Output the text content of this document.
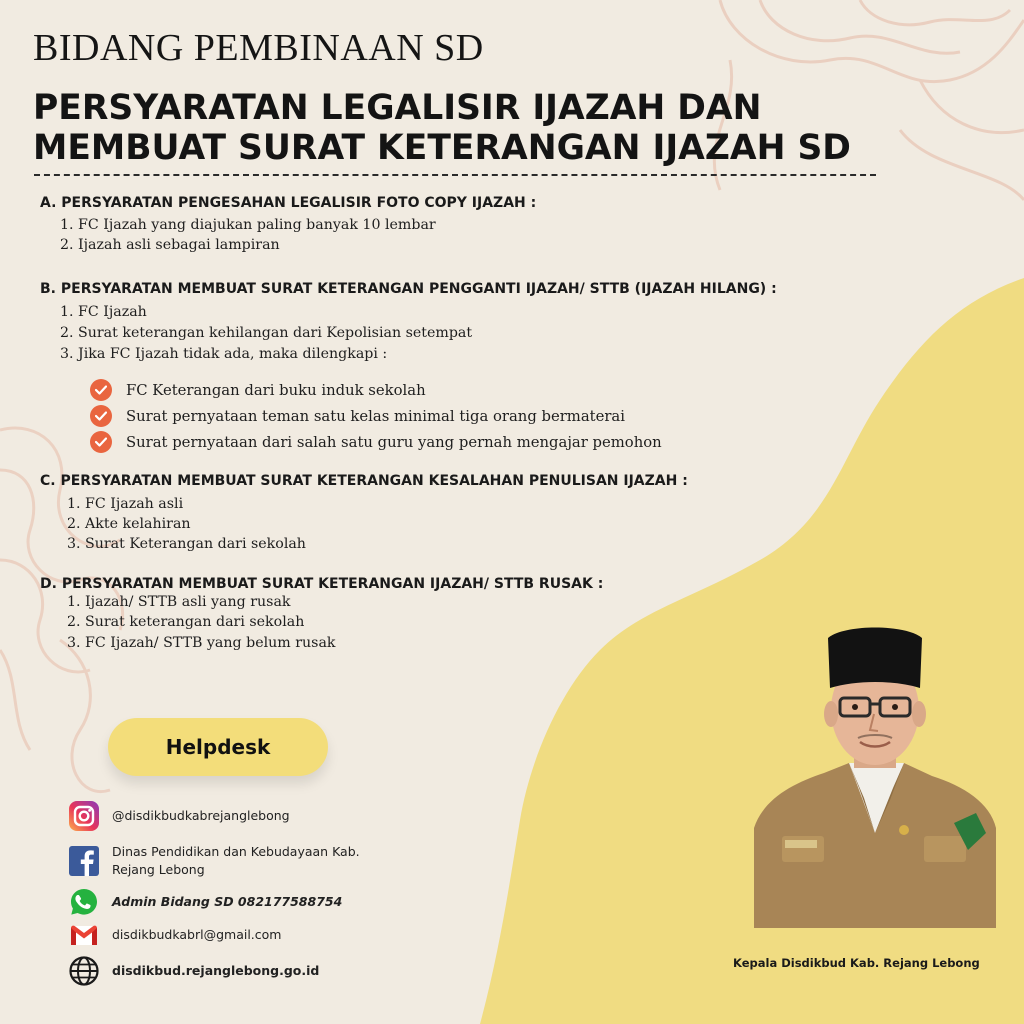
BIDANG PEMBINAAN SD
PERSYARATAN LEGALISIR IJAZAH DAN
MEMBUAT SURAT KETERANGAN IJAZAH SD
A. PERSYARATAN PENGESAHAN LEGALISIR FOTO COPY IJAZAH :
1. FC Ijazah yang diajukan paling banyak 10 lembar
2. Ijazah asli sebagai lampiran
B. PERSYARATAN MEMBUAT SURAT KETERANGAN PENGGANTI IJAZAH/ STTB (IJAZAH HILANG) :
1. FC Ijazah
2. Surat keterangan kehilangan dari Kepolisian setempat
3. Jika FC Ijazah tidak ada, maka dilengkapi :
FC Keterangan dari buku induk sekolah
Surat pernyataan teman satu kelas minimal tiga orang bermaterai
Surat pernyataan dari salah satu guru yang pernah mengajar pemohon
C. PERSYARATAN MEMBUAT SURAT KETERANGAN KESALAHAN PENULISAN IJAZAH :
1. FC Ijazah asli
2. Akte kelahiran
3. Surat Keterangan dari sekolah
D. PERSYARATAN MEMBUAT SURAT KETERANGAN IJAZAH/ STTB RUSAK :
1. Ijazah/ STTB asli yang rusak
2. Surat keterangan dari sekolah
3. FC Ijazah/ STTB yang belum rusak
Helpdesk
@disdikbudkabrejanglebong
Dinas Pendidikan dan Kebudayaan Kab.
Rejang Lebong
Admin Bidang SD 082177588754
disdikbudkabrl@gmail.com
disdikbud.rejanglebong.go.id	Kepala Disdikbud Kab. Rejang Lebong
